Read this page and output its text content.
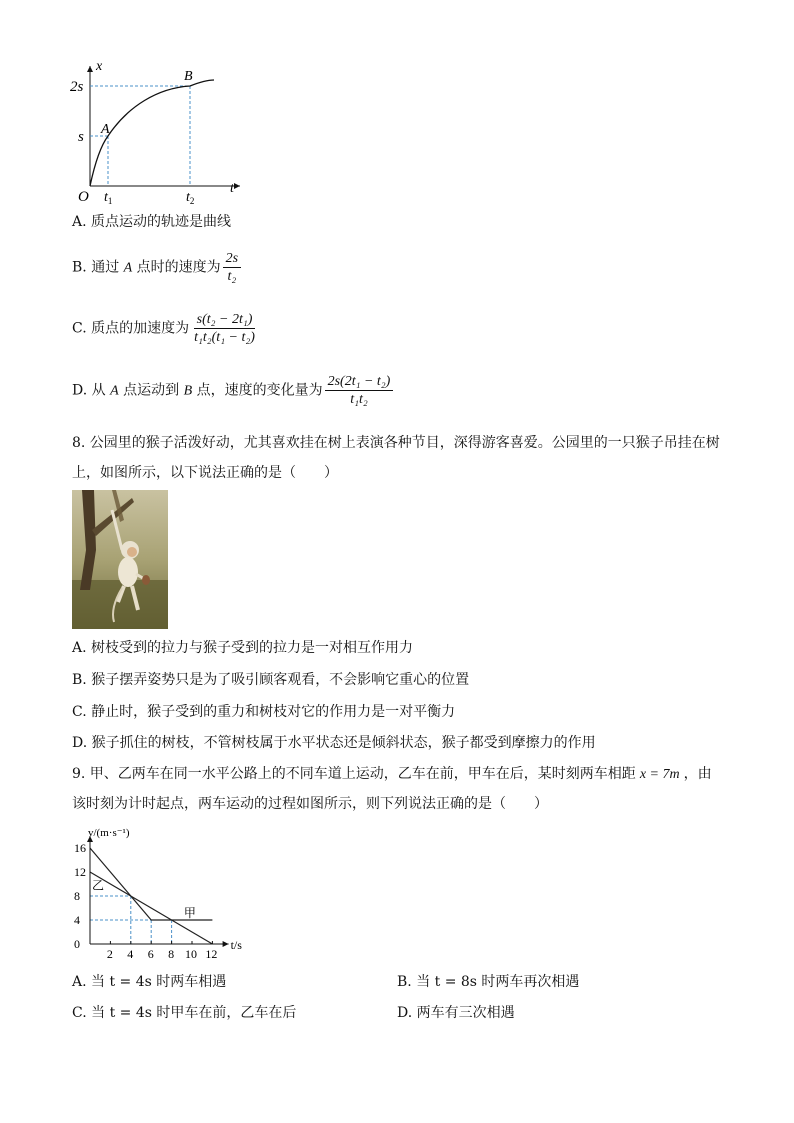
x
t
O
2s
s A
B
$t_1$	$t_2$
A. 质点运动的轨迹是曲线
B. 通过 A 点时的速度为 $\frac{2s}{\text{t₂}}$
C. 质点的加速度为 $\frac{\text{s(t₂ − 2t₁)}}{\text{t₁t₂(t₁ − t₂)}}$
D. 从 A 点运动到 B 点，速度的变化量为 $\frac{\text{2s(2t₁ − t₂)}}{\text{t₁t₂}}$
8. 公园里的猴子活泼好动，尤其喜欢挂在树上表演各种节目，深得游客喜爱。公园里的一只猴子吊挂在树
上，如图所示，以下说法正确的是（　　）
A. 树枝受到的拉力与猴子受到的拉力是一对相互作用力
B. 猴子摆弄姿势只是为了吸引顾客观看，不会影响它重心的位置
C. 静止时，猴子受到的重力和树枝对它的作用力是一对平衡力
D. 猴子抓住的树枝，不管树枝属于水平状态还是倾斜状态，猴子都受到摩擦力的作用
9. 甲、乙两车在同一水平公路上的不同车道上运动，乙车在前，甲车在后，某时刻两车相距 x = 7m ，由
该时刻为计时起点，两车运动的过程如图所示，则下列说法正确的是（　　）
0
4
8
12
16
2 4 6 8 10 12
v/(m·s⁻¹)
t/s
甲
乙
A. 当 t = 4s 时两车相遇	B. 当 t = 8s 时两车再次相遇
C. 当 t = 4s 时甲车在前，乙车在后	D. 两车有三次相遇
